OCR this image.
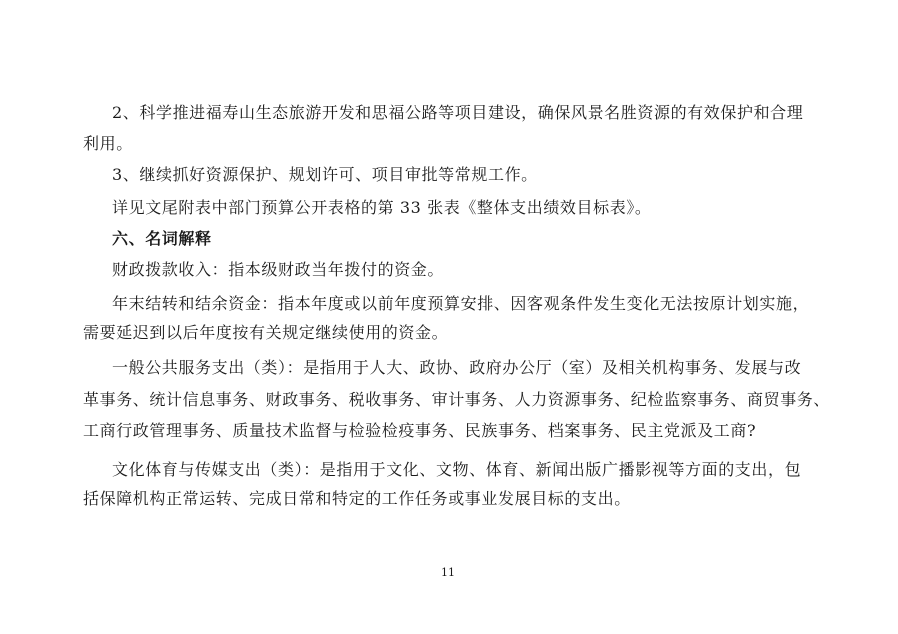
2、科学推进福寿山生态旅游开发和思福公路等项目建设，确保风景名胜资源的有效保护和合理
利用。
3、继续抓好资源保护、规划许可、项目审批等常规工作。
详见文尾附表中部门预算公开表格的第 33 张表《整体支出绩效目标表》。
六、名词解释
财政拨款收入：指本级财政当年拨付的资金。
年末结转和结余资金：指本年度或以前年度预算安排、因客观条件发生变化无法按原计划实施，
需要延迟到以后年度按有关规定继续使用的资金。
一般公共服务支出（类）：是指用于人大、政协、政府办公厅（室）及相关机构事务、发展与改
革事务、统计信息事务、财政事务、税收事务、审计事务、人力资源事务、纪检监察事务、商贸事务、
工商行政管理事务、质量技术监督与检验检疫事务、民族事务、档案事务、民主党派及工商?
文化体育与传媒支出（类）：是指用于文化、文物、体育、新闻出版广播影视等方面的支出，包
括保障机构正常运转、完成日常和特定的工作任务或事业发展目标的支出。
11
